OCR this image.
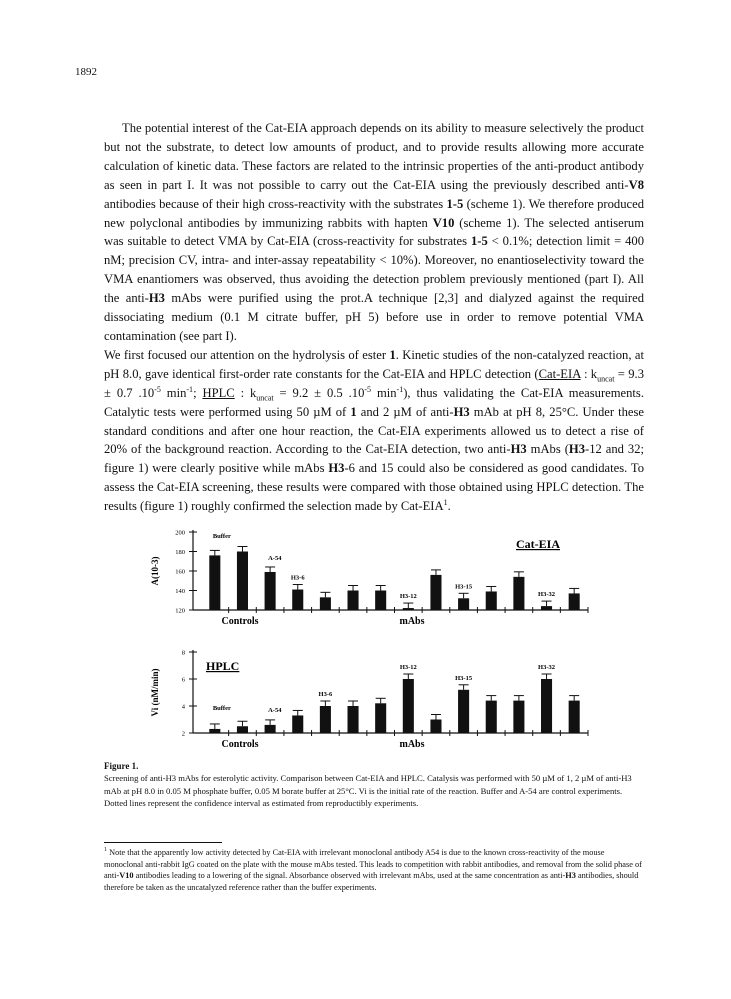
1892

The potential interest of the Cat-EIA approach depends on its ability to measure selectively the product but not the substrate, to detect low amounts of product, and to provide results allowing more accurate calculation of kinetic data. These factors are related to the intrinsic properties of the anti-product antibody as seen in part I. It was not possible to carry out the Cat-EIA using the previously described anti-V8 antibodies because of their high cross-reactivity with the substrates 1-5 (scheme 1). We therefore produced new polyclonal antibodies by immunizing rabbits with hapten V10 (scheme 1). The selected antiserum was suitable to detect VMA by Cat-EIA (cross-reactivity for substrates 1-5 < 0.1%; detection limit = 400 nM; precision CV, intra- and inter-assay repeatability < 10%). Moreover, no enantioselectivity toward the VMA enantiomers was observed, thus avoiding the detection problem previously mentioned (part I). All the anti-H3 mAbs were purified using the prot.A technique [2,3] and dialyzed against the required dissociating medium (0.1 M citrate buffer, pH 5) before use in order to remove potential VMA contamination (see part I).

We first focused our attention on the hydrolysis of ester 1. Kinetic studies of the non-catalyzed reaction, at pH 8.0, gave identical first-order rate constants for the Cat-EIA and HPLC detection (Cat-EIA : $k_{uncat} = 9.3 \pm 0.7$ $.10^{-5}$ $\min^{-1}$; HPLC : $k_{uncat} = 9.2 \pm 0.5$ $.10^{-5}$ $\min^{-1}$), thus validating the Cat-EIA measurements. Catalytic tests were performed using 50 µM of 1 and 2 µM of anti-H3 mAb at pH 8, 25°C. Under these standard conditions and after one hour reaction, the Cat-EIA experiments allowed us to detect a rise of 20% of the background reaction. According to the Cat-EIA detection, two anti-H3 mAbs (H3-12 and 32; figure 1) were clearly positive while mAbs H3-6 and 15 could also be considered as good candidates. To assess the Cat-EIA screening, these results were compared with those obtained using HPLC detection. The results (figure 1) roughly confirmed the selection made by Cat-EIA$^1$.

200
180
160
140
120
A(10-3)
Buffer
A-54
H3-6
H3-12
H3-15
H3-32
Controls	mAbs
Cat-EIA
8
6
4
2
Vi (nM/min)	Buffer	A-54
H3-6
H3-12
H3-15
H3-32
Controls	mAbs
HPLC
Figure 1.
Screening of anti-H3 mAbs for esterolytic activity. Comparison between Cat-EIA and HPLC. Catalysis was performed with 50 µM of 1, 2 µM of anti-H3 mAb at pH 8.0 in 0.05 M phosphate buffer, 0.05 M borate buffer at 25°C. Vi is the initial rate of the reaction. Buffer and A-54 are control experiments. Dotted lines represent the confidence interval as estimated from reproductibly experiments.
$^1$ Note that the apparently low activity detected by Cat-EIA with irrelevant monoclonal antibody A54 is due to the known cross-reactivity of the mouse monoclonal anti-rabbit IgG coated on the plate with the mouse mAbs tested. This leads to competition with rabbit antibodies, and removal from the solid phase of anti-V10 antibodies leading to a lowering of the signal. Absorbance observed with irrelevant mAbs, used at the same concentration as anti-H3 antibodies, should therefore be taken as the uncatalyzed reference rather than the buffer experiments.
